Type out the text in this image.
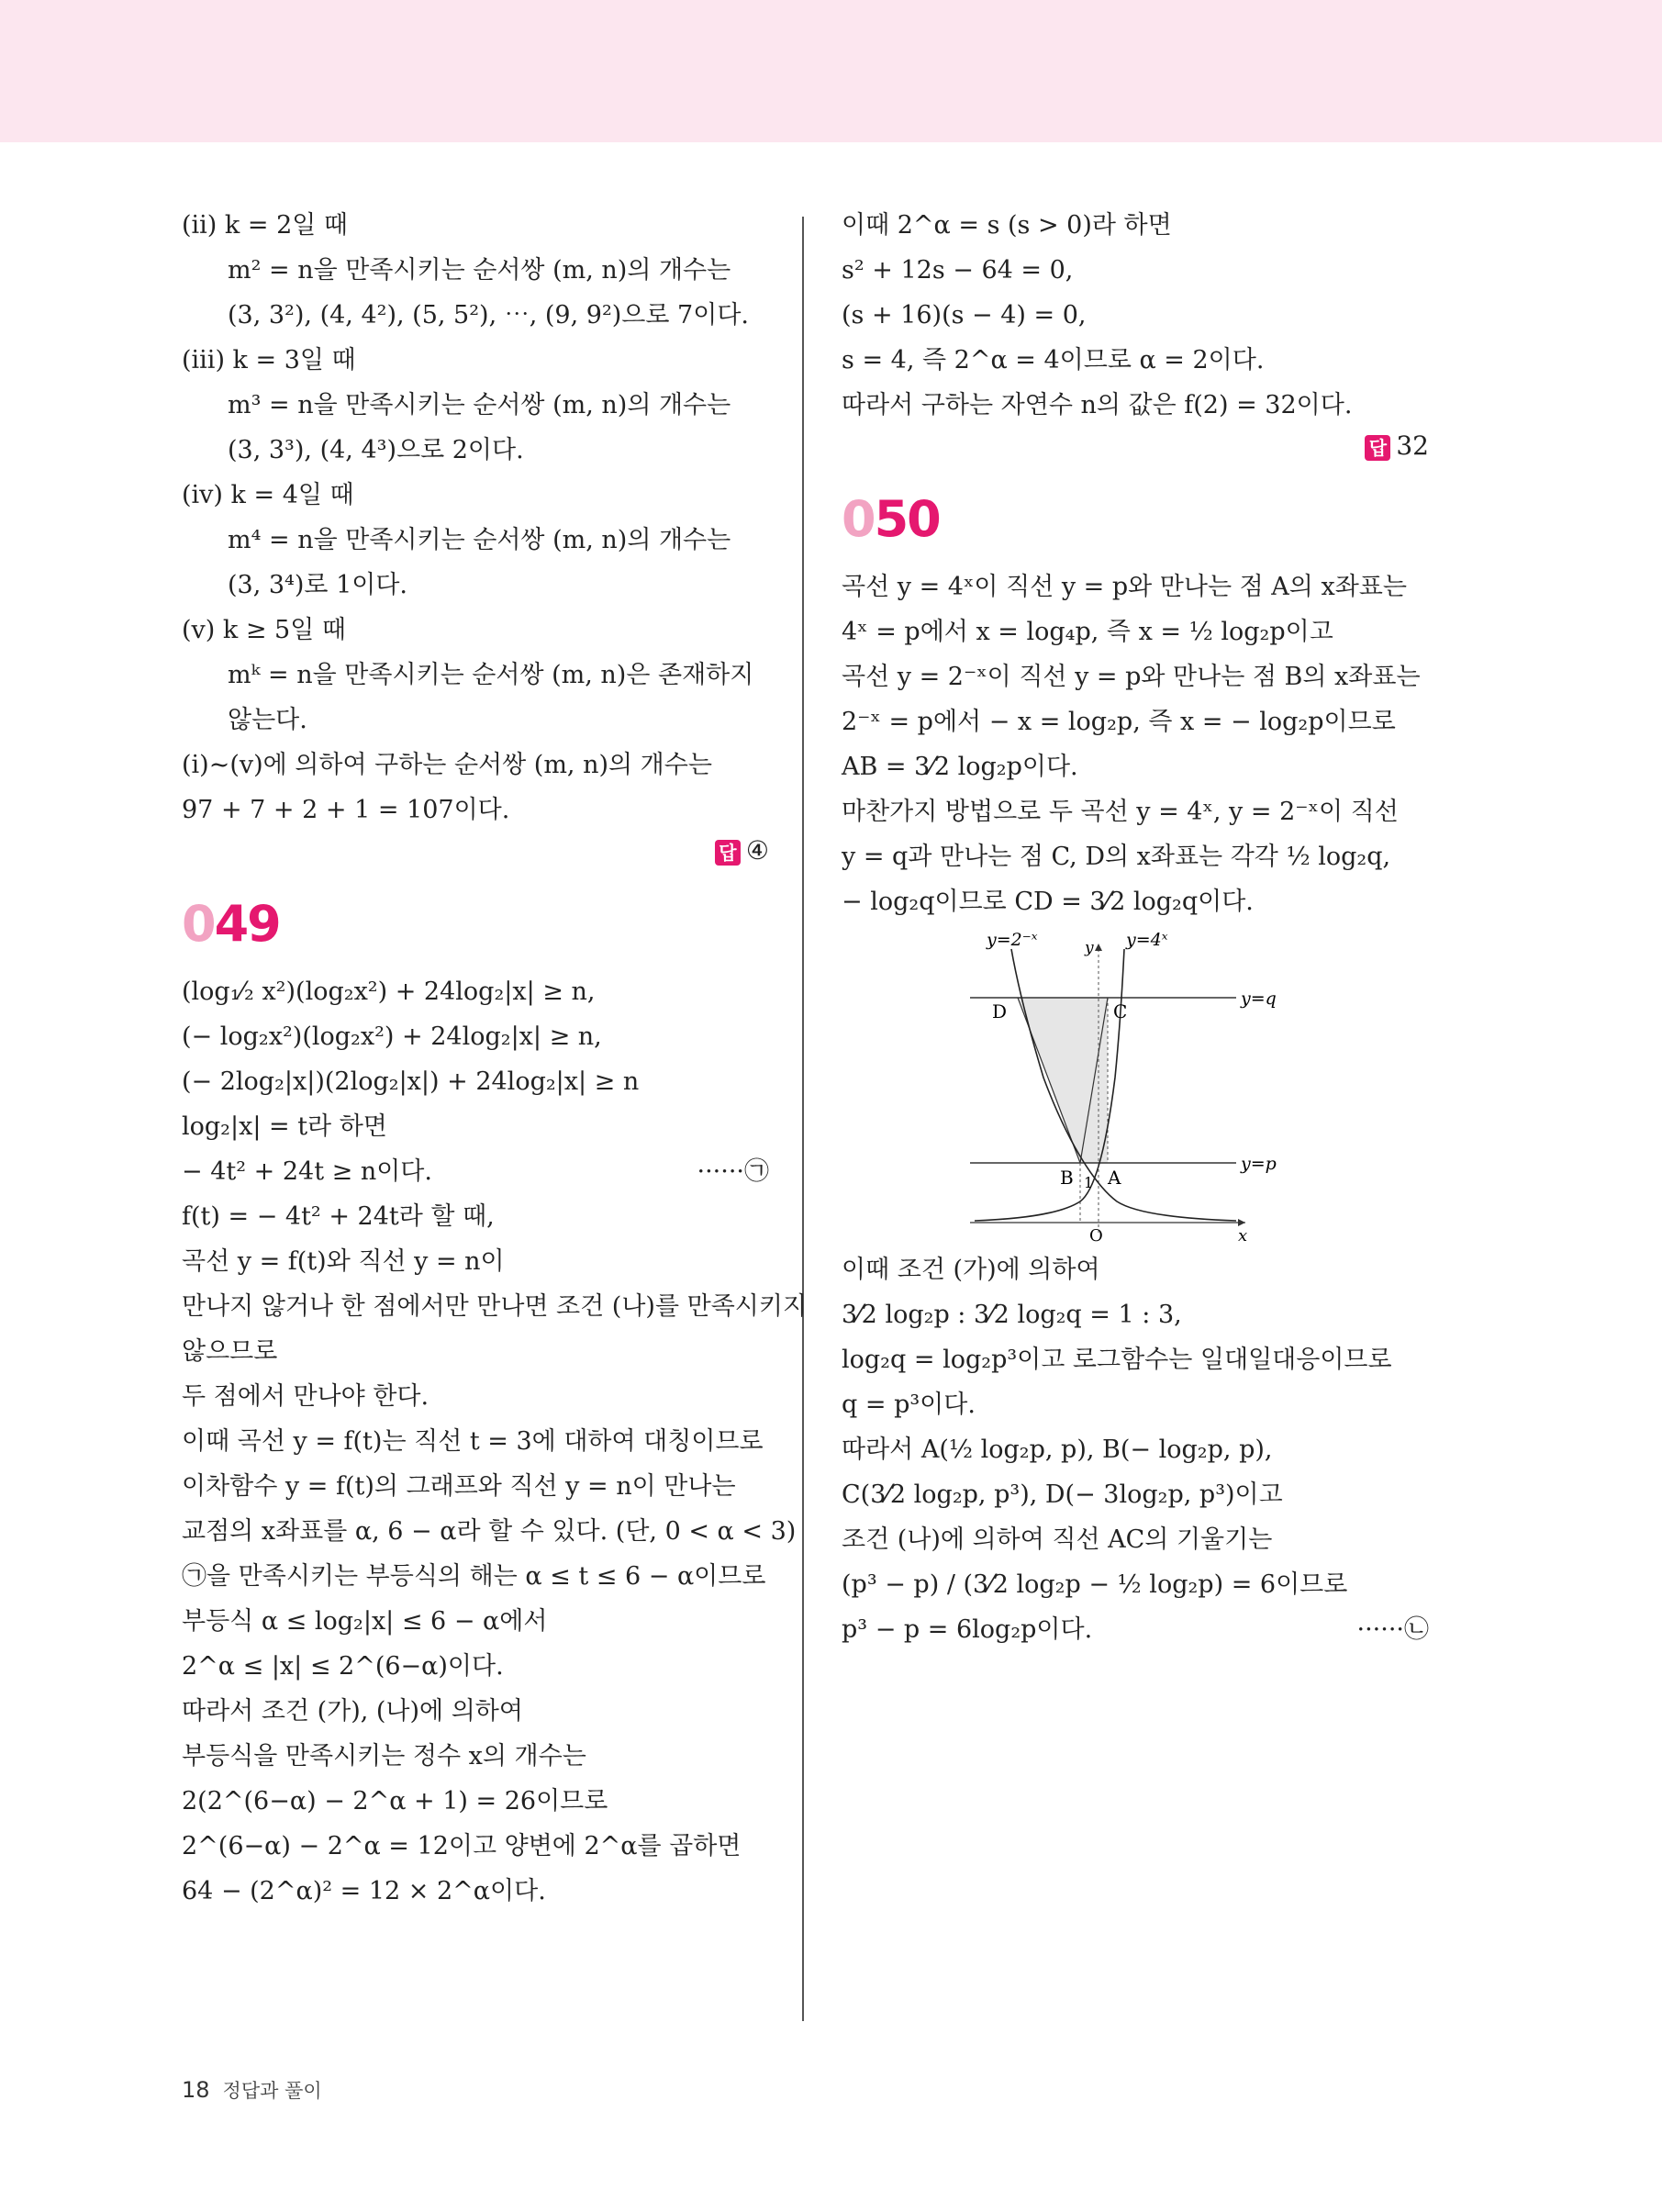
(ⅱ) k = 2일 때
m² = n을 만족시키는 순서쌍 (m, n)의 개수는
(3, 3²), (4, 4²), (5, 5²), ⋯, (9, 9²)으로 7이다.
(ⅲ) k = 3일 때
m³ = n을 만족시키는 순서쌍 (m, n)의 개수는
(3, 3³), (4, 4³)으로 2이다.
(ⅳ) k = 4일 때
m⁴ = n을 만족시키는 순서쌍 (m, n)의 개수는
(3, 3⁴)로 1이다.
(ⅴ) k ≥ 5일 때
mᵏ = n을 만족시키는 순서쌍 (m, n)은 존재하지
않는다.
(ⅰ)~(ⅴ)에 의하여 구하는 순서쌍 (m, n)의 개수는
97 + 7 + 2 + 1 = 107이다.
답 ④
049
(log₁⁄₂ x²)(log₂x²) + 24log₂|x| ≥ n,
(− log₂x²)(log₂x²) + 24log₂|x| ≥ n,
(− 2log₂|x|)(2log₂|x|) + 24log₂|x| ≥ n
log₂|x| = t라 하면
− 4t² + 24t ≥ n이다.	······㉠
f(t) = − 4t² + 24t라 할 때,
곡선 y = f(t)와 직선 y = n이
만나지 않거나 한 점에서만 만나면 조건 (나)를 만족시키지
않으므로
두 점에서 만나야 한다.
이때 곡선 y = f(t)는 직선 t = 3에 대하여 대칭이므로
이차함수 y = f(t)의 그래프와 직선 y = n이 만나는
교점의 x좌표를 α, 6 − α라 할 수 있다. (단, 0 < α < 3)
㉠을 만족시키는 부등식의 해는 α ≤ t ≤ 6 − α이므로
부등식 α ≤ log₂|x| ≤ 6 − α에서
2^α ≤ |x| ≤ 2^(6−α)이다.
따라서 조건 (가), (나)에 의하여
부등식을 만족시키는 정수 x의 개수는
2(2^(6−α) − 2^α + 1) = 26이므로
2^(6−α) − 2^α = 12이고 양변에 2^α를 곱하면
64 − (2^α)² = 12 × 2^α이다.
이때 2^α = s (s > 0)라 하면
s² + 12s − 64 = 0,
(s + 16)(s − 4) = 0,
s = 4, 즉 2^α = 4이므로 α = 2이다.
따라서 구하는 자연수 n의 값은 f(2) = 32이다.
답 32
050
곡선 y = 4ˣ이 직선 y = p와 만나는 점 A의 x좌표는
4ˣ = p에서 x = log₄p, 즉 x = ½ log₂p이고
곡선 y = 2⁻ˣ이 직선 y = p와 만나는 점 B의 x좌표는
2⁻ˣ = p에서 − x = log₂p, 즉 x = − log₂p이므로
AB = 3⁄2 log₂p이다.
마찬가지 방법으로 두 곡선 y = 4ˣ, y = 2⁻ˣ이 직선
y = q과 만나는 점 C, D의 x좌표는 각각 ½ log₂q,
− log₂q이므로 CD = 3⁄2 log₂q이다.
y=2⁻ˣ	y=4ˣ
y
x
O
1
y=q
y=p
D	C
B A
이때 조건 (가)에 의하여
3⁄2 log₂p : 3⁄2 log₂q = 1 : 3,
log₂q = log₂p³이고 로그함수는 일대일대응이므로
q = p³이다.
따라서 A(½ log₂p, p), B(− log₂p, p),
C(3⁄2 log₂p, p³), D(− 3log₂p, p³)이고
조건 (나)에 의하여 직선 AC의 기울기는
(p³ − p) / (3⁄2 log₂p − ½ log₂p) = 6이므로
p³ − p = 6log₂p이다.	······㉡
18 정답과 풀이
